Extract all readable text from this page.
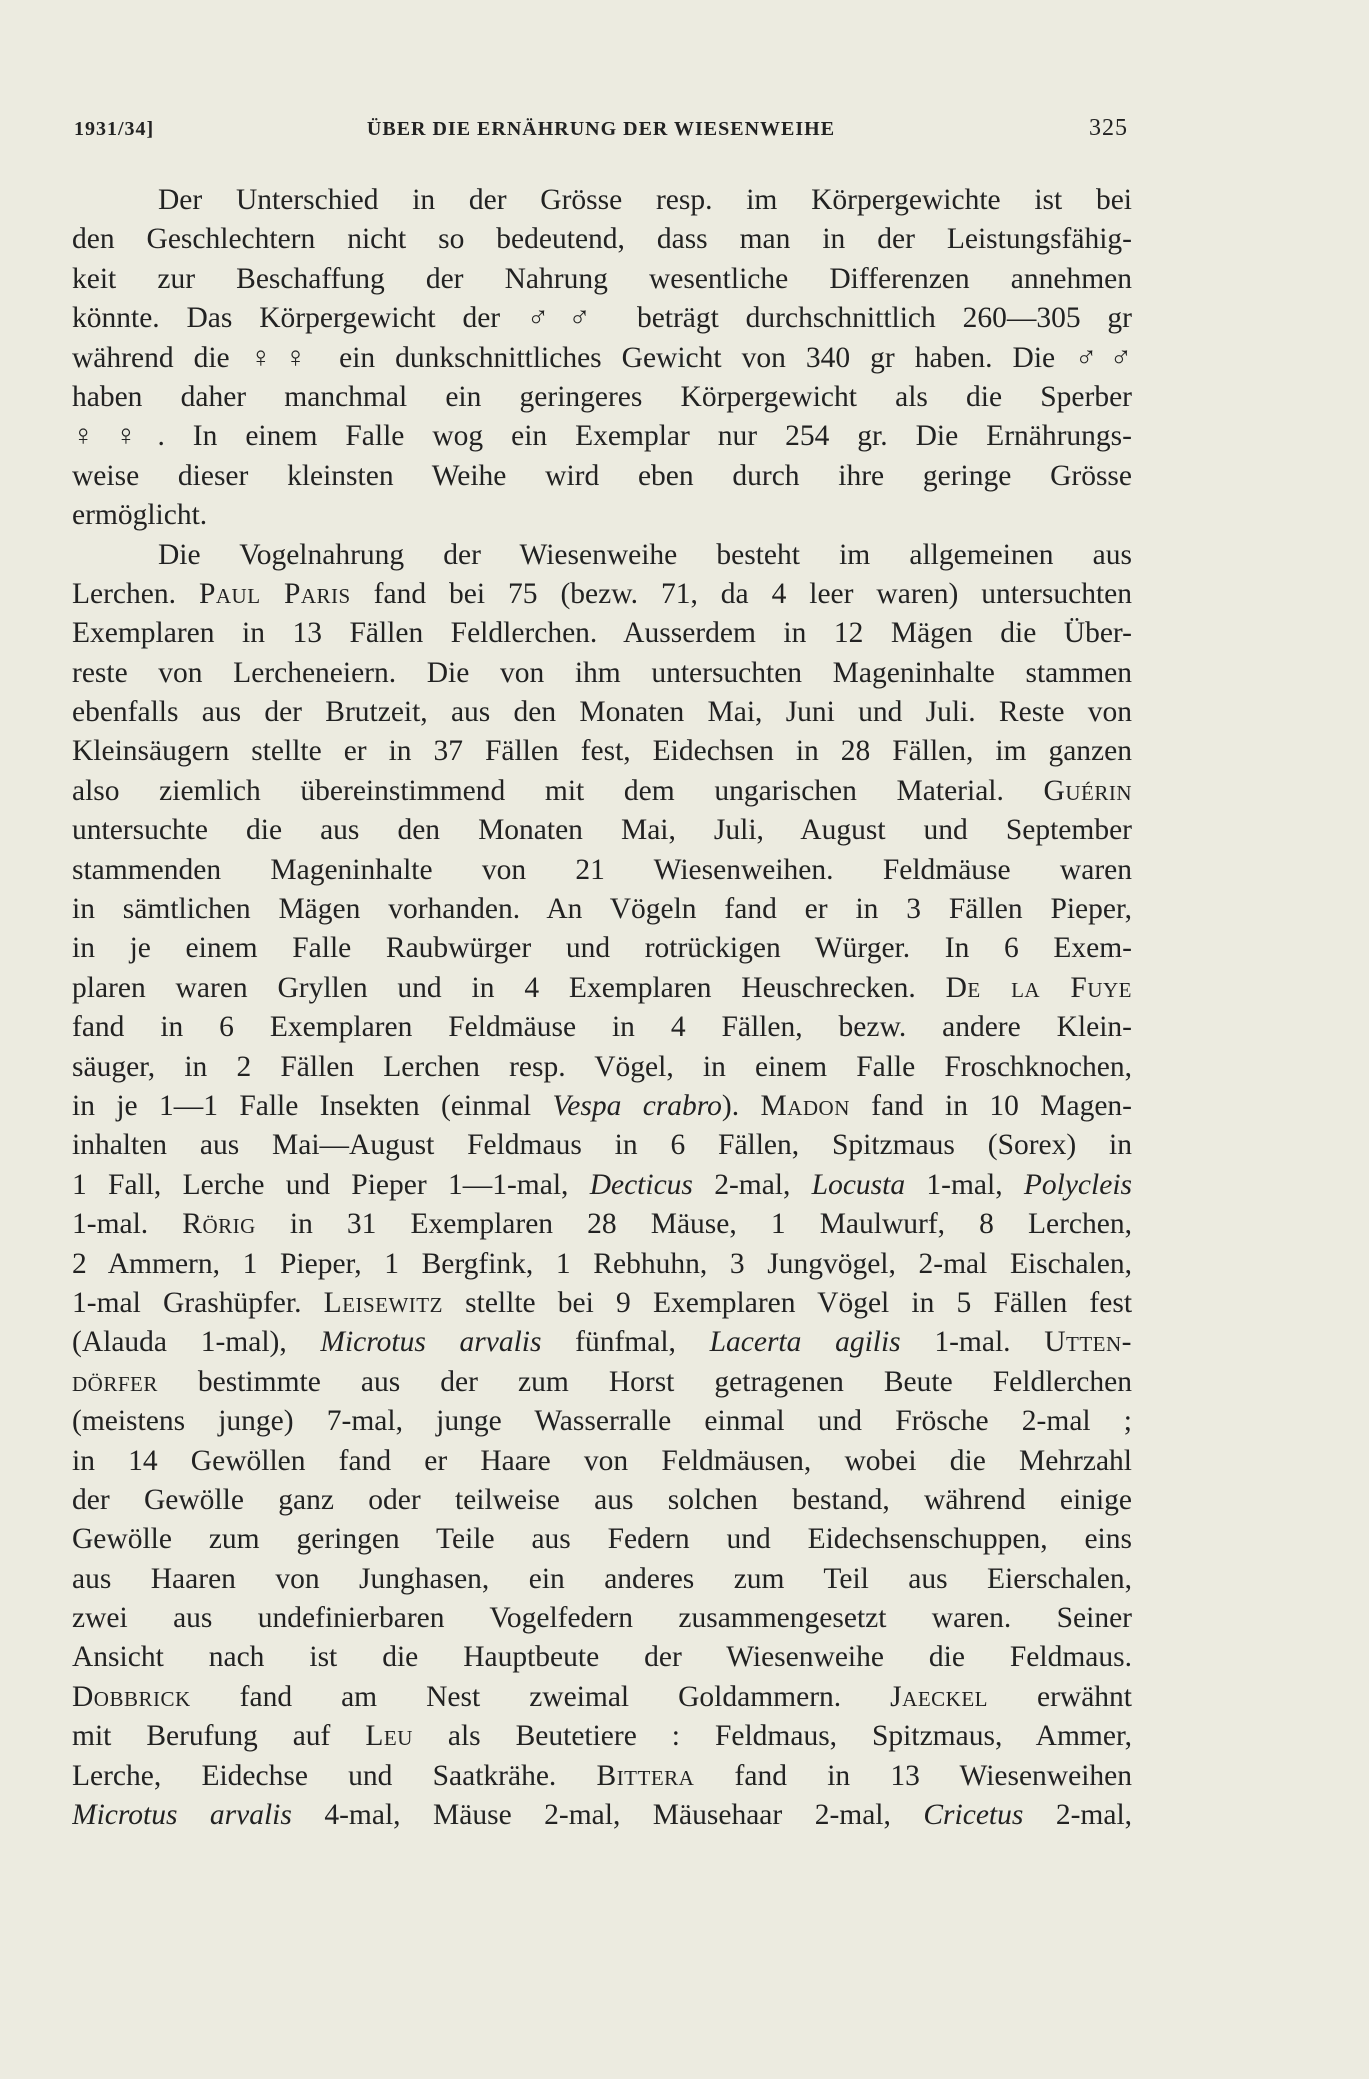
1931/34]	ÜBER DIE ERNÄHRUNG DER WIESENWEIHE	325
Der Unterschied in der Grösse resp. im Körpergewichte ist bei
den Geschlechtern nicht so bedeutend, dass man in der Leistungsfähig-
keit zur Beschaffung der Nahrung wesentliche Differenzen annehmen
könnte. Das Körpergewicht der ♂♂ beträgt durchschnittlich 260—305 gr
während die ♀♀ ein dunkschnittliches Gewicht von 340 gr haben. Die ♂♂
haben daher manchmal ein geringeres Körpergewicht als die Sperber
♀♀. In einem Falle wog ein Exemplar nur 254 gr. Die Ernährungs-
weise dieser kleinsten Weihe wird eben durch ihre geringe Grösse
ermöglicht.
Die Vogelnahrung der Wiesenweihe besteht im allgemeinen aus
Lerchen. Paul Paris fand bei 75 (bezw. 71, da 4 leer waren) untersuchten
Exemplaren in 13 Fällen Feldlerchen. Ausserdem in 12 Mägen die Über-
reste von Lercheneiern. Die von ihm untersuchten Mageninhalte stammen
ebenfalls aus der Brutzeit, aus den Monaten Mai, Juni und Juli. Reste von
Kleinsäugern stellte er in 37 Fällen fest, Eidechsen in 28 Fällen, im ganzen
also ziemlich übereinstimmend mit dem ungarischen Material. Guérin
untersuchte die aus den Monaten Mai, Juli, August und September
stammenden Mageninhalte von 21 Wiesenweihen. Feldmäuse waren
in sämtlichen Mägen vorhanden. An Vögeln fand er in 3 Fällen Pieper,
in je einem Falle Raubwürger und rotrückigen Würger. In 6 Exem-
plaren waren Gryllen und in 4 Exemplaren Heuschrecken. De la Fuye
fand in 6 Exemplaren Feldmäuse in 4 Fällen, bezw. andere Klein-
säuger, in 2 Fällen Lerchen resp. Vögel, in einem Falle Froschknochen,
in je 1—1 Falle Insekten (einmal Vespa crabro). Madon fand in 10 Magen-
inhalten aus Mai—August Feldmaus in 6 Fällen, Spitzmaus (Sorex) in
1 Fall, Lerche und Pieper 1—1-mal, Decticus 2-mal, Locusta 1-mal, Polycleis
1-mal. Rörig in 31 Exemplaren 28 Mäuse, 1 Maulwurf, 8 Lerchen,
2 Ammern, 1 Pieper, 1 Bergfink, 1 Rebhuhn, 3 Jungvögel, 2-mal Eischalen,
1-mal Grashüpfer. Leisewitz stellte bei 9 Exemplaren Vögel in 5 Fällen fest
(Alauda 1-mal), Microtus arvalis fünfmal, Lacerta agilis 1-mal. Utten-
dörfer bestimmte aus der zum Horst getragenen Beute Feldlerchen
(meistens junge) 7-mal, junge Wasserralle einmal und Frösche 2-mal ;
in 14 Gewöllen fand er Haare von Feldmäusen, wobei die Mehrzahl
der Gewölle ganz oder teilweise aus solchen bestand, während einige
Gewölle zum geringen Teile aus Federn und Eidechsenschuppen, eins
aus Haaren von Junghasen, ein anderes zum Teil aus Eierschalen,
zwei aus undefinierbaren Vogelfedern zusammengesetzt waren. Seiner
Ansicht nach ist die Hauptbeute der Wiesenweihe die Feldmaus.
Dobbrick fand am Nest zweimal Goldammern. Jaeckel erwähnt
mit Berufung auf Leu als Beutetiere : Feldmaus, Spitzmaus, Ammer,
Lerche, Eidechse und Saatkrähe. Bittera fand in 13 Wiesenweihen
Microtus arvalis 4-mal, Mäuse 2-mal, Mäusehaar 2-mal, Cricetus 2-mal,
